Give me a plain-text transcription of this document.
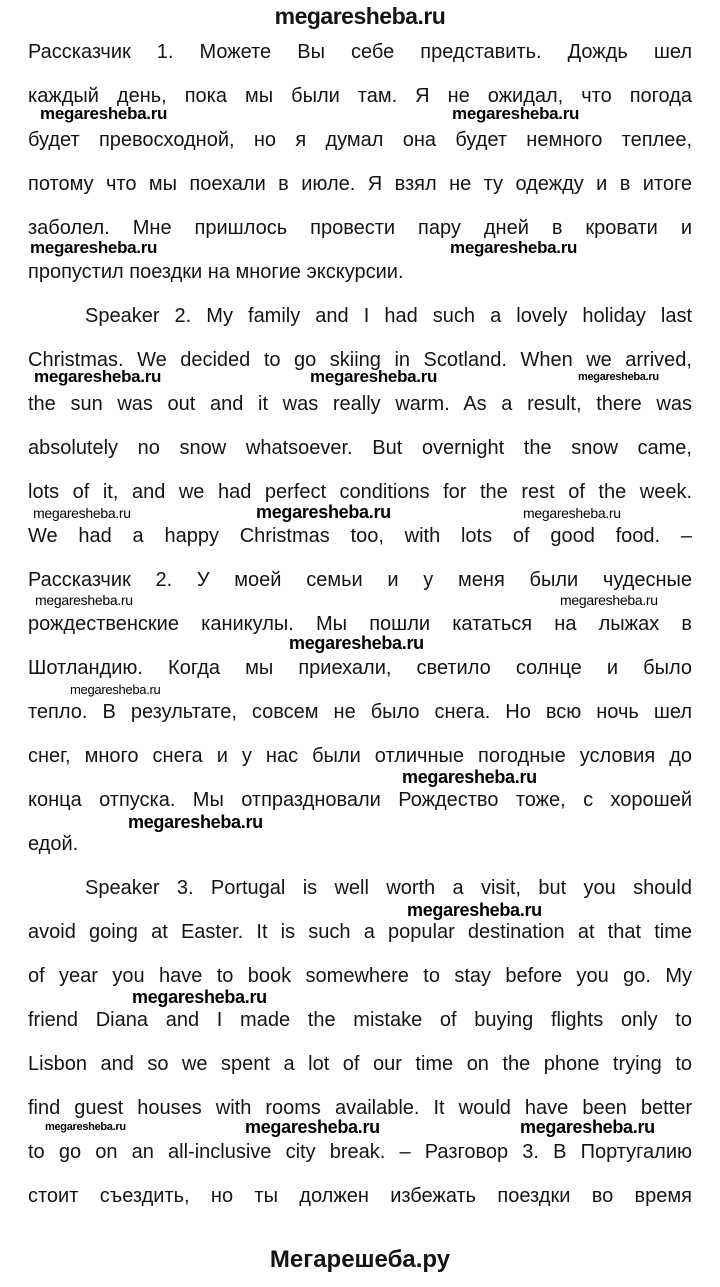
megaresheba.ru
Рассказчик 1. Можете Вы себе представить. Дождь шел
каждый день, пока мы были там. Я не ожидал, что погода
будет превосходной, но я думал она будет немного теплее,
потому что мы поехали в июле. Я взял не ту одежду и в итоге
заболел. Мне пришлось провести пару дней в кровати и
пропустил поездки на многие экскурсии.
Speaker 2. My family and I had such a lovely holiday last
Christmas. We decided to go skiing in Scotland. When we arrived,
the sun was out and it was really warm. As a result, there was
absolutely no snow whatsoever. But overnight the snow came,
lots of it, and we had perfect conditions for the rest of the week.
We had a happy Christmas too, with lots of good food. –
Рассказчик 2. У моей семьи и у меня были чудесные
рождественские каникулы. Мы пошли кататься на лыжах в
Шотландию. Когда мы приехали, светило солнце и было
тепло. В результате, совсем не было снега. Но всю ночь шел
снег, много снега и у нас были отличные погодные условия до
конца отпуска. Мы отпраздновали Рождество тоже, с хорошей
едой.
Speaker 3. Portugal is well worth a visit, but you should
avoid going at Easter. It is such a popular destination at that time
of year you have to book somewhere to stay before you go. My
friend Diana and I made the mistake of buying flights only to
Lisbon and so we spent a lot of our time on the phone trying to
find guest houses with rooms available. It would have been better
to go on an all-inclusive city break. – Разговор 3. В Португалию
стоит съездить, но ты должен избежать поездки во время
megaresheba.ru	megaresheba.ru
megaresheba.ru	megaresheba.ru
megaresheba.ru	megaresheba.ru	megaresheba.ru
megaresheba.ru	megaresheba.ru	megaresheba.ru
megaresheba.ru	megaresheba.ru
megaresheba.ru
megaresheba.ru
megaresheba.ru
megaresheba.ru
megaresheba.ru
megaresheba.ru
megaresheba.ru	megaresheba.ru	megaresheba.ru
Мегарешеба.ру
